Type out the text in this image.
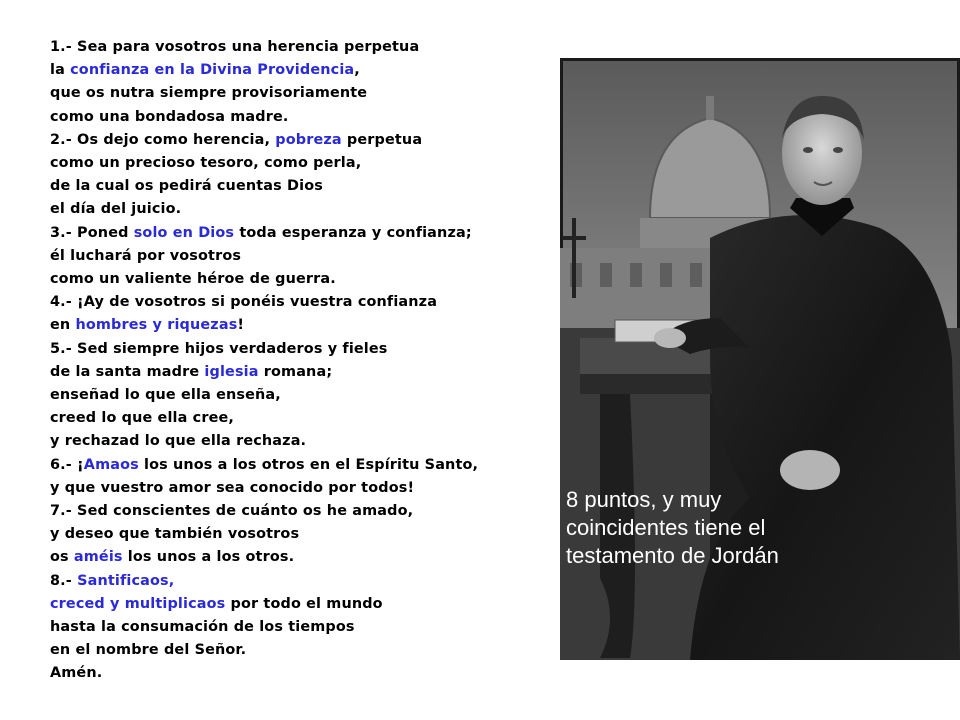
1.- Sea para vosotros una herencia perpetua
la confianza en la Divina Providencia,
que os nutra siempre provisoriamente
como una bondadosa madre.
2.- Os dejo como herencia, pobreza perpetua
como un precioso tesoro, como perla,
de la cual os pedirá cuentas Dios
el día del juicio.
3.- Poned solo en Dios toda esperanza y confianza;
él luchará por vosotros
como un valiente héroe de guerra.
4.- ¡Ay de vosotros si ponéis vuestra confianza
en hombres y riquezas!
5.- Sed siempre hijos verdaderos y fieles
de la santa madre iglesia romana;
enseñad lo que ella enseña,
creed lo que ella cree,
y rechazad lo que ella rechaza.
6.- ¡Amaos los unos a los otros en el Espíritu Santo,
y que vuestro amor sea conocido por todos!
7.- Sed conscientes de cuánto os he amado,
y deseo que también vosotros
os améis los unos a los otros.
8.- Santificaos,
creced y multiplicaos por todo el mundo
hasta la consumación de los tiempos
en el nombre del Señor.
Amén.
8 puntos, y muy
coincidentes tiene el
testamento de Jordán
